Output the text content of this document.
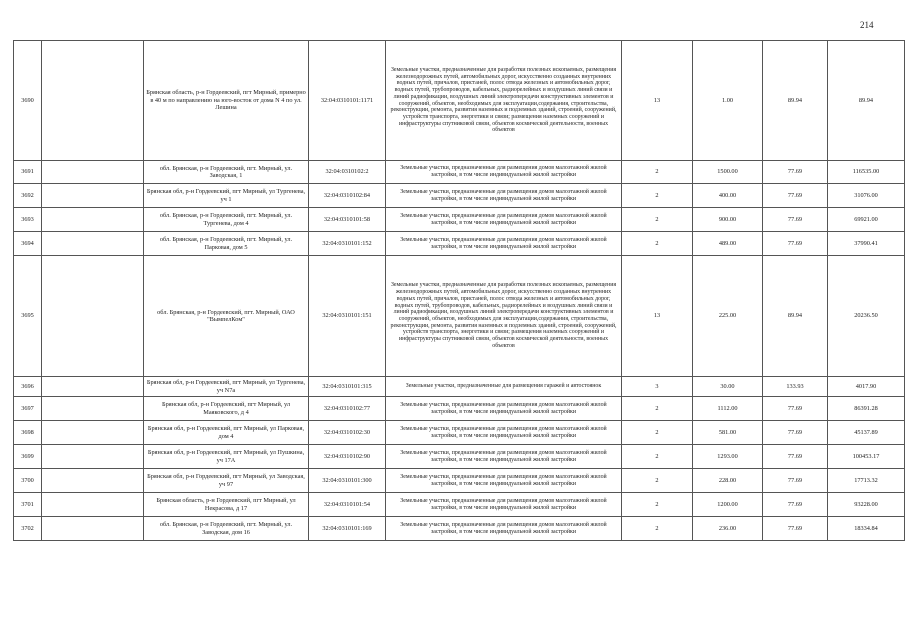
214
3690		Брянская область, р-н Гордеевский, пгт Мирный, примерно в 40 м по направлению на юго-восток от дома N 4 по ул. Лешина	32:04:0310101:1171	Земельные участки, предназначенные для разработки полезных ископаемых, размещения железнодорожных путей, автомобильных дорог, искусственно созданных внутренних водных путей, причалов, пристаней, полос отвода железных и автомобильных дорог, водных путей, трубопроводов, кабельных, радиорелейных и воздушных линий связи и линий радиофикации, воздушных линий электропередачи конструктивных элементов и сооружений, объектов, необходимых для эксплуатации,содержания, строительства, реконструкции, ремонта, развития наземных и подземных зданий, строений, сооружений, устройств транспорта, энергетики и связи; размещения наземных сооружений и инфраструктуры спутниковой связи, объектов космической деятельности, военных объектов	13	1.00	89.94	89.94
3691		обл. Брянская, р-н Гордеевский, пгт. Мирный, ул. Заводская, 1	32:04:0310102:2	Земельные участки, предназначенные для размещения домов малоэтажной жилой застройки, в том числе индивидуальной жилой застройки	2	1500.00	77.69	116535.00
3692		Брянская обл, р-н Гордеевский, пгт Мирный, ул Тургенева, уч 1	32:04:0310102:84	Земельные участки, предназначенные для размещения домов малоэтажной жилой застройки, в том числе индивидуальной жилой застройки	2	400.00	77.69	31076.00
3693		обл. Брянская, р-н Гордеевский, пгт. Мирный, ул. Тургенева, дом 4	32:04:0310101:58	Земельные участки, предназначенные для размещения домов малоэтажной жилой застройки, в том числе индивидуальной жилой застройки	2	900.00	77.69	69921.00
3694		обл. Брянская, р-н Гордеевский, пгт. Мирный, ул. Парковая, дом 5	32:04:0310101:152	Земельные участки, предназначенные для размещения домов малоэтажной жилой застройки, в том числе индивидуальной жилой застройки	2	489.00	77.69	37990.41
3695		обл. Брянская, р-н Гордеевский, пгт. Мирный, ОАО "ВымпелКом"	32:04:0310101:151	Земельные участки, предназначенные для разработки полезных ископаемых, размещения железнодорожных путей, автомобильных дорог, искусственно созданных внутренних водных путей, причалов, пристаней, полос отвода железных и автомобильных дорог, водных путей, трубопроводов, кабельных, радиорелейных и воздушных линий связи и линий радиофикации, воздушных линий электропередачи конструктивных элементов и сооружений, объектов, необходимых для эксплуатации,содержания, строительства, реконструкции, ремонта, развития наземных и подземных зданий, строений, сооружений, устройств транспорта, энергетики и связи; размещения наземных сооружений и инфраструктуры спутниковой связи, объектов космической деятельности, военных объектов	13	225.00	89.94	20236.50
3696		Брянская обл, р-н Гордеевский, пгт Мирный, ул Тургенева, уч N7а	32:04:0310101:315	Земельные участки, предназначенные для размещения гаражей и автостоянок	3	30.00	133.93	4017.90
3697		Брянская обл, р-н Гордеевский, пгт Мирный, ул Маяковского, д 4	32:04:0310102:77	Земельные участки, предназначенные для размещения домов малоэтажной жилой застройки, в том числе индивидуальной жилой застройки	2	1112.00	77.69	86391.28
3698		Брянская обл, р-н Гордеевский, пгт Мирный, ул Парковая, дом 4	32:04:0310102:30	Земельные участки, предназначенные для размещения домов малоэтажной жилой застройки, в том числе индивидуальной жилой застройки	2	581.00	77.69	45137.89
3699		Брянская обл, р-н Гордеевский, пгт Мирный, ул Пушкина, уч 17А	32:04:0310102:90	Земельные участки, предназначенные для размещения домов малоэтажной жилой застройки, в том числе индивидуальной жилой застройки	2	1293.00	77.69	100453.17
3700		Брянская обл, р-н Гордеевский, пгт Мирный, ул Заводская, уч 97	32:04:0310101:300	Земельные участки, предназначенные для размещения домов малоэтажной жилой застройки, в том числе индивидуальной жилой застройки	2	228.00	77.69	17713.32
3701		Брянская область, р-н Гордеевский, пгт Мирный, ул Некрасова, д 17	32:04:0310101:54	Земельные участки, предназначенные для размещения домов малоэтажной жилой застройки, в том числе индивидуальной жилой застройки	2	1200.00	77.69	93228.00
3702		обл. Брянская, р-н Гордеевский, пгт. Мирный, ул. Заводская, дом 16	32:04:0310101:169	Земельные участки, предназначенные для размещения домов малоэтажной жилой застройки, в том числе индивидуальной жилой застройки	2	236.00	77.69	18334.84
